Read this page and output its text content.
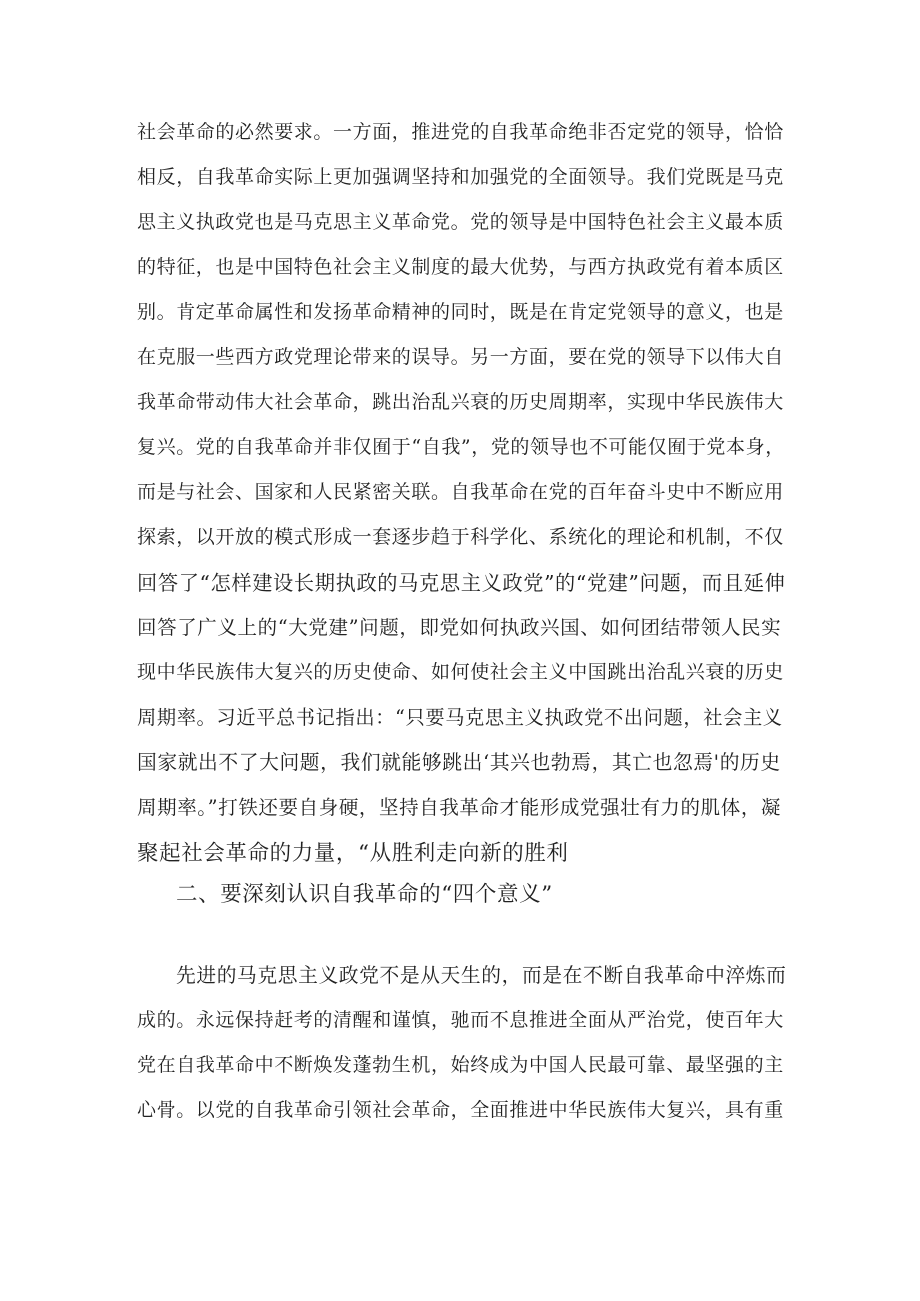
社会革命的必然要求。一方面，推进党的自我革命绝非否定党的领导，恰恰
相反，自我革命实际上更加强调坚持和加强党的全面领导。我们党既是马克
思主义执政党也是马克思主义革命党。党的领导是中国特色社会主义最本质
的特征，也是中国特色社会主义制度的最大优势，与西方执政党有着本质区
别。肯定革命属性和发扬革命精神的同时，既是在肯定党领导的意义，也是
在克服一些西方政党理论带来的误导。另一方面，要在党的领导下以伟大自
我革命带动伟大社会革命，跳出治乱兴衰的历史周期率，实现中华民族伟大
复兴。党的自我革命并非仅囿于“自我”，党的领导也不可能仅囿于党本身，
而是与社会、国家和人民紧密关联。自我革命在党的百年奋斗史中不断应用
探索，以开放的模式形成一套逐步趋于科学化、系统化的理论和机制，不仅
回答了“怎样建设长期执政的马克思主义政党”的“党建”问题，而且延伸
回答了广义上的“大党建”问题，即党如何执政兴国、如何团结带领人民实
现中华民族伟大复兴的历史使命、如何使社会主义中国跳出治乱兴衰的历史
周期率。习近平总书记指出：“只要马克思主义执政党不出问题，社会主义
国家就出不了大问题，我们就能够跳出‘其兴也勃焉，其亡也忽焉'的历史
周期率。”打铁还要自身硬，坚持自我革命才能形成党强壮有力的肌体，凝
聚起社会革命的力量，“从胜利走向新的胜利
二、要深刻认识自我革命的“四个意义”
先进的马克思主义政党不是从天生的，而是在不断自我革命中淬炼而
成的。永远保持赶考的清醒和谨慎，驰而不息推进全面从严治党，使百年大
党在自我革命中不断焕发蓬勃生机，始终成为中国人民最可靠、最坚强的主
心骨。以党的自我革命引领社会革命，全面推进中华民族伟大复兴，具有重
